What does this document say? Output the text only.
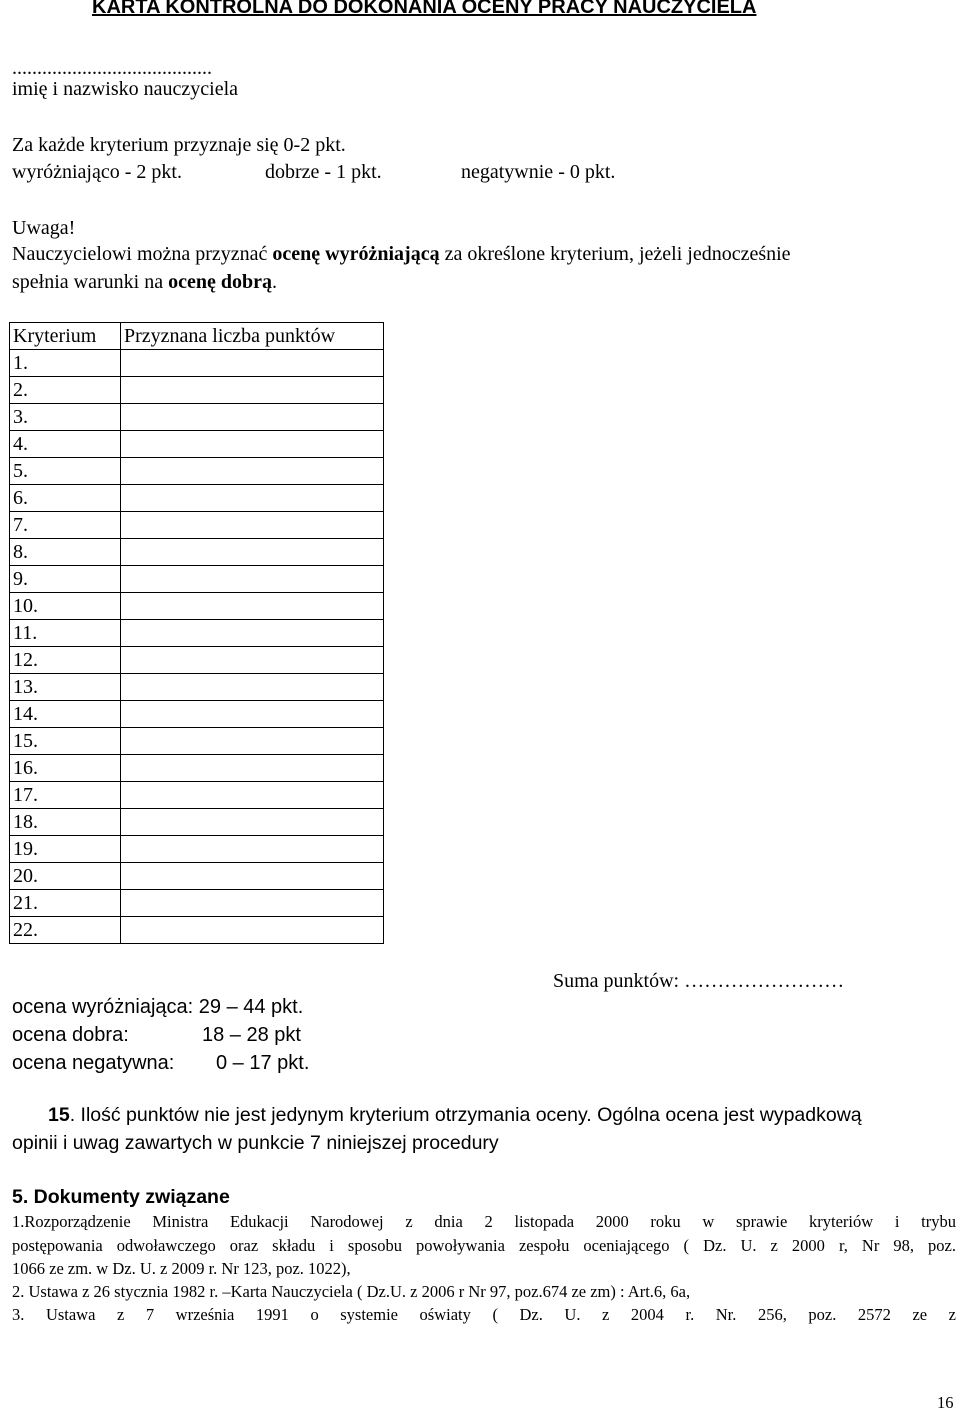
KARTA KONTROLNA DO DOKONANIA OCENY PRACY NAUCZYCIELA
........................................
imię i nazwisko nauczyciela
Za każde kryterium przyznaje się 0-2 pkt.
wyróżniająco - 2 pkt.	dobrze - 1 pkt.	negatywnie - 0 pkt.
Uwaga!
Nauczycielowi można przyznać ocenę wyróżniającą za określone kryterium, jeżeli jednocześnie
spełnia warunki na ocenę dobrą.
Kryterium	Przyznana liczba punktów
1.	
2.	
3.	
4.	
5.	
6.	
7.	
8.	
9.	
10.	
11.	
12.	
13.	
14.	
15.	
16.	
17.	
18.	
19.	
20.	
21.	
22.	
Suma punktów: ……………………
ocena wyróżniająca: 29 – 44 pkt.
ocena dobra:	18 – 28 pkt
ocena negatywna: 0 – 17 pkt.
15. Ilość punktów nie jest jedynym kryterium otrzymania oceny. Ogólna ocena jest wypadkową
opinii i uwag zawartych w punkcie 7 niniejszej procedury
5. Dokumenty związane
1.Rozporządzenie Ministra Edukacji Narodowej z dnia 2 listopada 2000 roku w sprawie kryteriów i trybu
postępowania odwoławczego oraz składu i sposobu powoływania zespołu oceniającego ( Dz. U. z 2000 r, Nr 98, poz.
1066 ze zm. w Dz. U. z 2009 r. Nr 123, poz. 1022),
2. Ustawa z 26 stycznia 1982 r. –Karta Nauczyciela ( Dz.U. z 2006 r Nr 97, poz.674 ze zm) : Art.6, 6a,
3. Ustawa z 7 września 1991 o systemie oświaty ( Dz. U. z 2004 r. Nr. 256, poz. 2572 ze z
16
